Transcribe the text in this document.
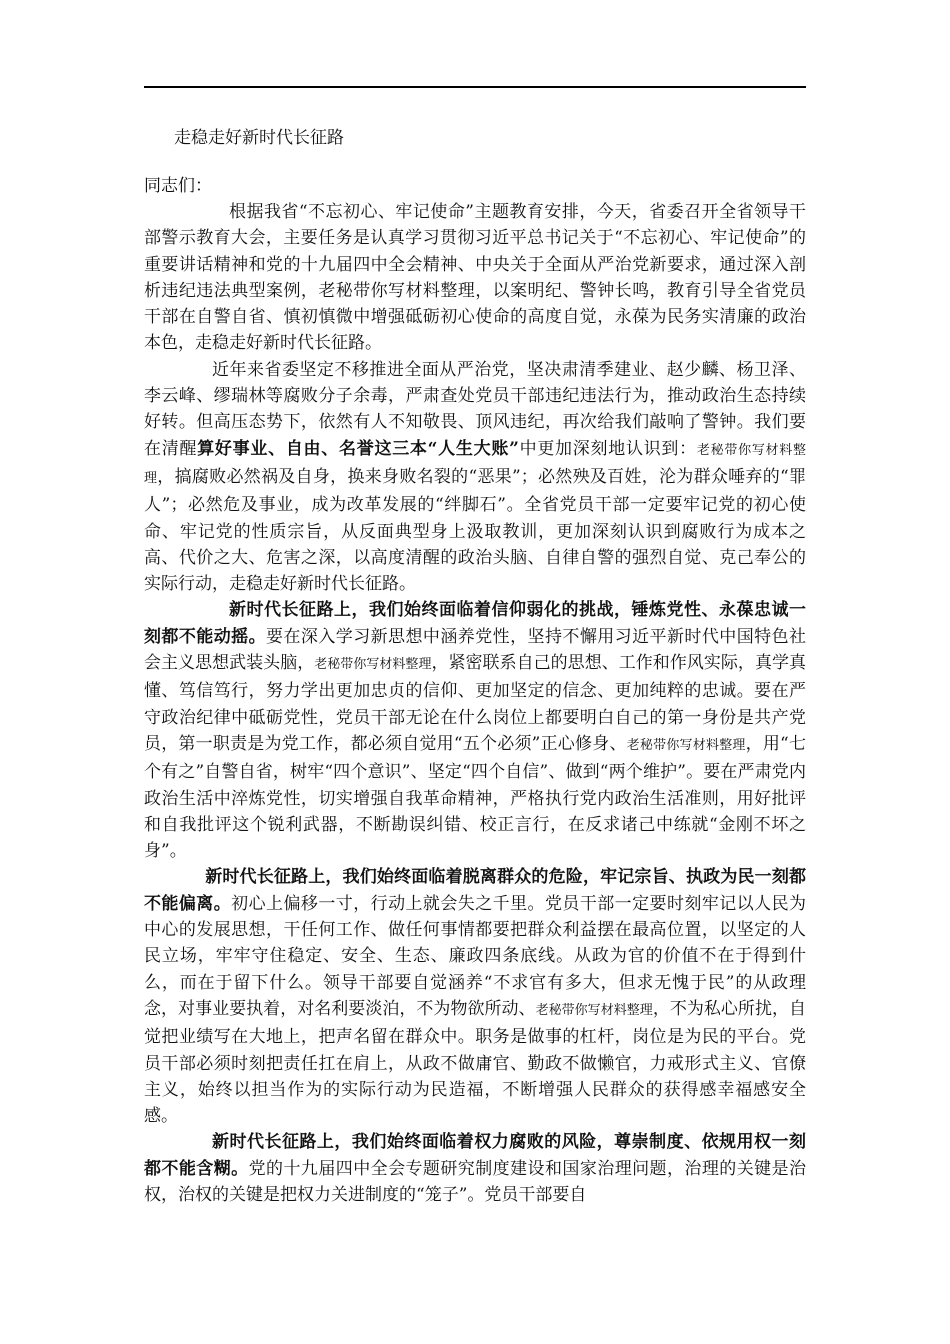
走稳走好新时代长征路
同志们：

根据我省“不忘初心、牢记使命”主题教育安排，今天，省委召开全省领导干部警示教育大会，主要任务是认真学习贯彻习近平总书记关于“不忘初心、牢记使命”的重要讲话精神和党的十九届四中全会精神、中央关于全面从严治党新要求，通过深入剖析违纪违法典型案例，老秘带你写材料整理，以案明纪、警钟长鸣，教育引导全省党员干部在自警自省、慎初慎微中增强砥砺初心使命的高度自觉，永葆为民务实清廉的政治本色，走稳走好新时代长征路。

近年来省委坚定不移推进全面从严治党，坚决肃清季建业、赵少麟、杨卫泽、李云峰、缪瑞林等腐败分子余毒，严肃查处党员干部违纪违法行为，推动政治生态持续好转。但高压态势下，依然有人不知敬畏、顶风违纪，再次给我们敲响了警钟。我们要在清醒算好事业、自由、名誉这三本“人生大账”中更加深刻地认识到：老秘带你写材料整理，搞腐败必然祸及自身，换来身败名裂的“恶果”；必然殃及百姓，沦为群众唾弃的“罪人”；必然危及事业，成为改革发展的“绊脚石”。全省党员干部一定要牢记党的初心使命、牢记党的性质宗旨，从反面典型身上汲取教训，更加深刻认识到腐败行为成本之高、代价之大、危害之深，以高度清醒的政治头脑、自律自警的强烈自觉、克己奉公的实际行动，走稳走好新时代长征路。

新时代长征路上，我们始终面临着信仰弱化的挑战，锤炼党性、永葆忠诚一刻都不能动摇。要在深入学习新思想中涵养党性，坚持不懈用习近平新时代中国特色社会主义思想武装头脑，老秘带你写材料整理，紧密联系自己的思想、工作和作风实际，真学真懂、笃信笃行，努力学出更加忠贞的信仰、更加坚定的信念、更加纯粹的忠诚。要在严守政治纪律中砥砺党性，党员干部无论在什么岗位上都要明白自己的第一身份是共产党员，第一职责是为党工作，都必须自觉用“五个必须”正心修身、老秘带你写材料整理，用“七个有之”自警自省，树牢“四个意识”、坚定“四个自信”、做到“两个维护”。要在严肃党内政治生活中淬炼党性，切实增强自我革命精神，严格执行党内政治生活准则，用好批评和自我批评这个锐利武器，不断勘误纠错、校正言行，在反求诸己中练就“金刚不坏之身”。

新时代长征路上，我们始终面临着脱离群众的危险，牢记宗旨、执政为民一刻都不能偏离。初心上偏移一寸，行动上就会失之千里。党员干部一定要时刻牢记以人民为中心的发展思想，干任何工作、做任何事情都要把群众利益摆在最高位置，以坚定的人民立场，牢牢守住稳定、安全、生态、廉政四条底线。从政为官的价值不在于得到什么，而在于留下什么。领导干部要自觉涵养“不求官有多大，但求无愧于民”的从政理念，对事业要执着，对名利要淡泊，不为物欲所动、老秘带你写材料整理，不为私心所扰，自觉把业绩写在大地上，把声名留在群众中。职务是做事的杠杆，岗位是为民的平台。党员干部必须时刻把责任扛在肩上，从政不做庸官、勤政不做懒官，力戒形式主义、官僚主义，始终以担当作为的实际行动为民造福，不断增强人民群众的获得感幸福感安全感。

新时代长征路上，我们始终面临着权力腐败的风险，尊崇制度、依规用权一刻都不能含糊。党的十九届四中全会专题研究制度建设和国家治理问题，治理的关键是治权，治权的关键是把权力关进制度的“笼子”。党员干部要自
